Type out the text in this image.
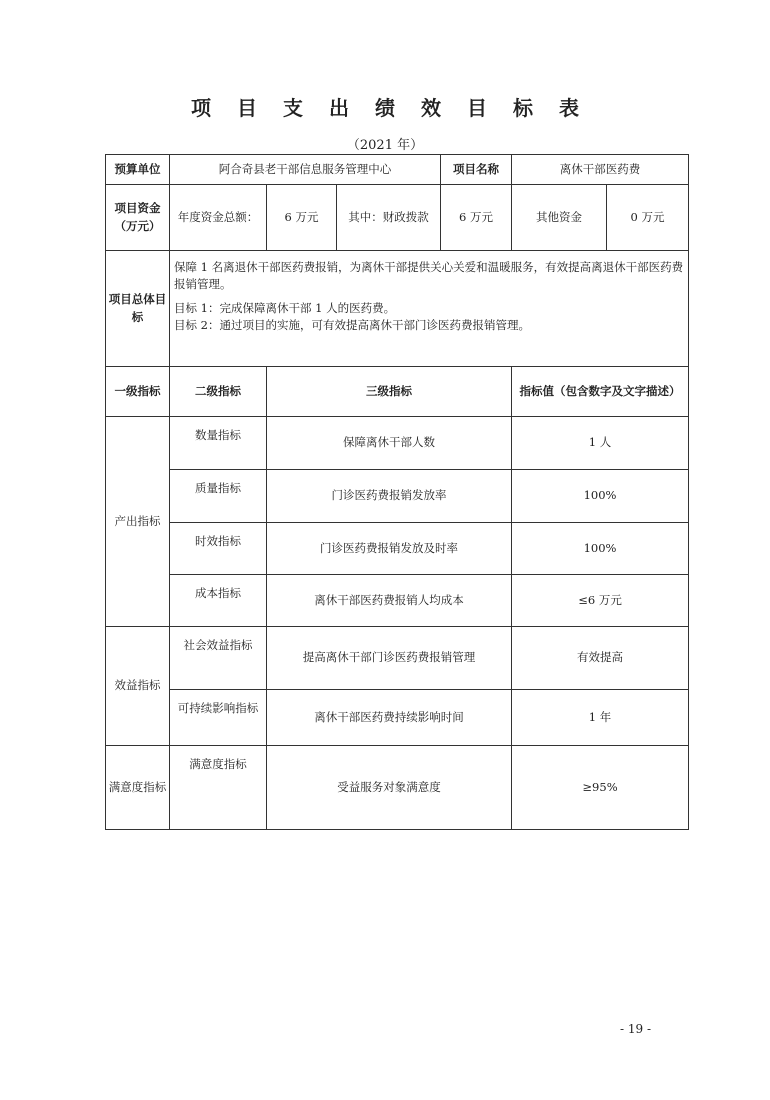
项目支出绩效目标表
（2021 年）
预算单位	阿合奇县老干部信息服务管理中心			项目名称	离休干部医药费	
项目资金（万元）	年度资金总额：	6 万元	其中：财政拨款	6 万元	其他资金	0 万元
项目总体目标	保障 1 名离退休干部医药费报销，为离休干部提供关心关爱和温暖服务，有效提高离退休干部医药费报销管理。
目标 1：完成保障离休干部 1 人的医药费。
目标 2：通过项目的实施，可有效提高离休干部门诊医药费报销管理。					

一级指标	二级指标	三级指标			指标值（包含数字及文字描述）	
产出指标	数量指标	保障离休干部人数			1 人	
	质量指标	门诊医药费报销发放率			100%	
	时效指标	门诊医药费报销发放及时率			100%	
	成本指标	离休干部医药费报销人均成本			≤6 万元	
效益指标	社会效益指标	提高离休干部门诊医药费报销管理			有效提高	
	可持续影响指标	离休干部医药费持续影响时间			1 年	
满意度指标	满意度指标	受益服务对象满意度			≥95%	
- 19 -
